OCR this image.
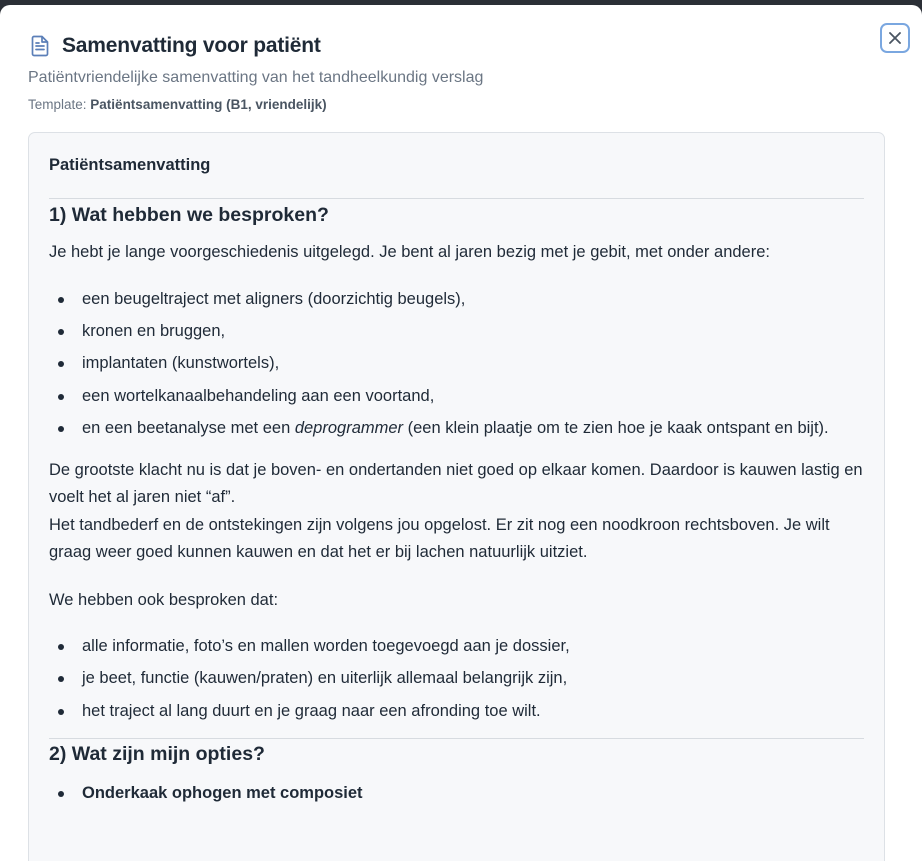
Samenvatting voor patiënt
Patiëntvriendelijke samenvatting van het tandheelkundig verslag
Template: Patiëntsamenvatting (B1, vriendelijk)
Patiëntsamenvatting
1) Wat hebben we besproken?

Je hebt je lange voorgeschiedenis uitgelegd. Je bent al jaren bezig met je gebit, met onder andere:

een beugeltraject met aligners (doorzichtig beugels),
kronen en bruggen,
implantaten (kunstwortels),
een wortelkanaalbehandeling aan een voortand,
en een beetanalyse met een deprogrammer (een klein plaatje om te zien hoe je kaak ontspant en bijt).

De grootste klacht nu is dat je boven- en ondertanden niet goed op elkaar komen. Daardoor is kauwen lastig en voelt het al jaren niet “af”.
Het tandbederf en de ontstekingen zijn volgens jou opgelost. Er zit nog een noodkroon rechtsboven. Je wilt graag weer goed kunnen kauwen en dat het er bij lachen natuurlijk uitziet.

We hebben ook besproken dat:

alle informatie, foto’s en mallen worden toegevoegd aan je dossier,
je beet, functie (kauwen/praten) en uiterlijk allemaal belangrijk zijn,
het traject al lang duurt en je graag naar een afronding toe wilt.
2) Wat zijn mijn opties?
Onderkaak ophogen met composiet
